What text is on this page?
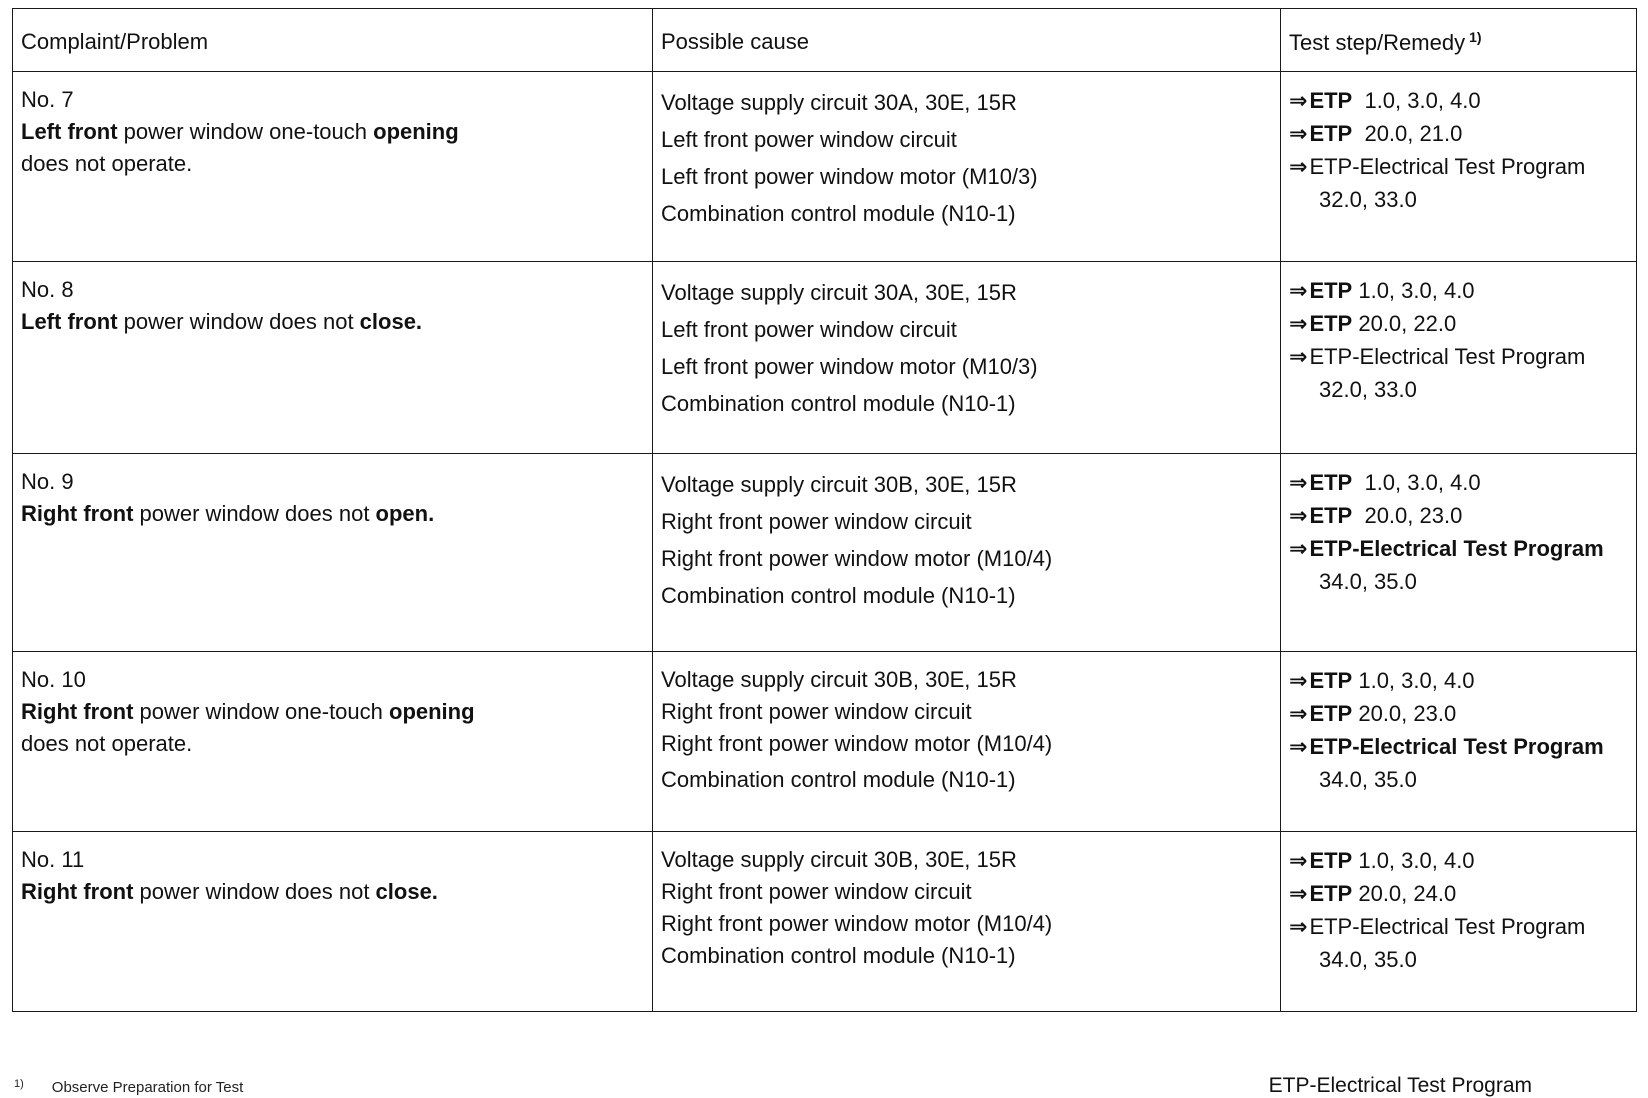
Complaint/Problem	Possible cause	Test step/Remedy $^{1)}$

No. 7
Left front power window one-touch opening
does not operate.	Voltage supply circuit 30A, 30E, 15R
Left front power window circuit
Left front power window motor (M10/3)
Combination control module (N10-1)	⇒ETP  1.0, 3.0, 4.0
⇒ETP  20.0, 21.0
⇒ETP-Electrical Test Program
32.0, 33.0

No. 8
Left front power window does not close.	Voltage supply circuit 30A, 30E, 15R
Left front power window circuit
Left front power window motor (M10/3)
Combination control module (N10-1)	⇒ETP 1.0, 3.0, 4.0
⇒ETP 20.0, 22.0
⇒ETP-Electrical Test Program
32.0, 33.0

No. 9
Right front power window does not open.	Voltage supply circuit 30B, 30E, 15R
Right front power window circuit
Right front power window motor (M10/4)
Combination control module (N10-1)	⇒ETP  1.0, 3.0, 4.0
⇒ETP  20.0, 23.0
⇒ETP-Electrical Test Program
34.0, 35.0

No. 10
Right front power window one-touch opening
does not operate.	Voltage supply circuit 30B, 30E, 15R
Right front power window circuit
Right front power window motor (M10/4)
Combination control module (N10-1)	⇒ETP 1.0, 3.0, 4.0
⇒ETP 20.0, 23.0
⇒ETP-Electrical Test Program
34.0, 35.0

No. 11
Right front power window does not close.	Voltage supply circuit 30B, 30E, 15R
Right front power window circuit
Right front power window motor (M10/4)
Combination control module (N10-1)	⇒ETP 1.0, 3.0, 4.0
⇒ETP 20.0, 24.0
⇒ETP-Electrical Test Program
34.0, 35.0
$^{1)}$ Observe Preparation for Test	ETP-Electrical Test Program
